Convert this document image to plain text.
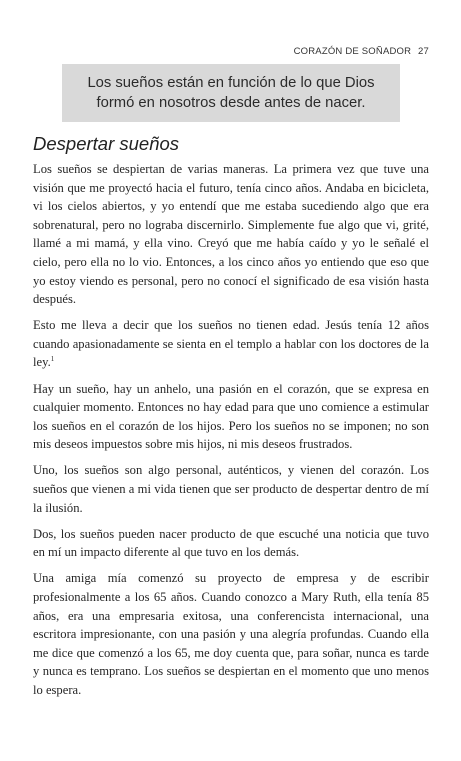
CORAZÓN DE SOÑADOR 27
Los sueños están en función de lo que Dios formó en nosotros desde antes de nacer.
Despertar sueños

Los sueños se despiertan de varias maneras. La primera vez que tuve una visión que me proyectó hacia el futuro, tenía cinco años. Andaba en bicicleta, vi los cielos abiertos, y yo entendí que me estaba sucediendo algo que era sobrenatural, pero no lograba discernirlo. Simplemente fue algo que vi, grité, llamé a mi mamá, y ella vino. Creyó que me había caído y yo le señalé el cielo, pero ella no lo vio. Entonces, a los cinco años yo entiendo que eso que yo estoy viendo es personal, pero no conocí el significado de esa visión hasta después.

Esto me lleva a decir que los sueños no tienen edad. Jesús tenía 12 años cuando apasionadamente se sienta en el templo a hablar con los doctores de la ley.$^1$

Hay un sueño, hay un anhelo, una pasión en el corazón, que se expresa en cualquier momento. Entonces no hay edad para que uno comience a estimular los sueños en el corazón de los hijos. Pero los sueños no se imponen; no son mis deseos impuestos sobre mis hijos, ni mis deseos frustrados.

Uno, los sueños son algo personal, auténticos, y vienen del corazón. Los sueños que vienen a mi vida tienen que ser producto de despertar dentro de mí la ilusión.

Dos, los sueños pueden nacer producto de que escuché una noticia que tuvo en mí un impacto diferente al que tuvo en los demás.

Una amiga mía comenzó su proyecto de empresa y de escribir profesionalmente a los 65 años. Cuando conozco a Mary Ruth, ella tenía 85 años, era una empresaria exitosa, una conferencista internacional, una escritora impresionante, con una pasión y una alegría profundas. Cuando ella me dice que comenzó a los 65, me doy cuenta que, para soñar, nunca es tarde y nunca es temprano. Los sueños se despiertan en el momento que uno menos lo espera.
